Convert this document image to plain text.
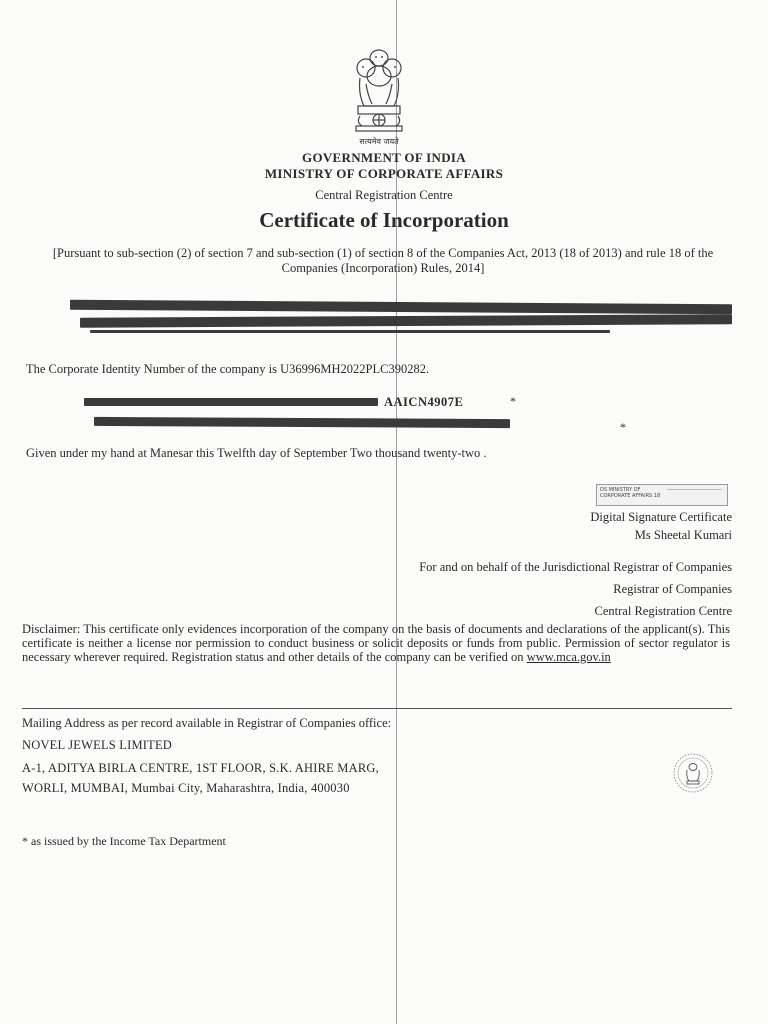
सत्यमेव जयते
GOVERNMENT OF INDIA
MINISTRY OF CORPORATE AFFAIRS
Central Registration Centre
Certificate of Incorporation
[Pursuant to sub-section (2) of section 7 and sub-section (1) of section 8 of the Companies Act, 2013 (18 of 2013) and rule 18 of the Companies (Incorporation) Rules, 2014]
The Corporate Identity Number of the company is U36996MH2022PLC390282.
AAICN4907E	*
*
Given under my hand at Manesar this Twelfth day of September Two thousand twenty-two .
DS MINISTRY OF CORPORATE AFFAIRS 18
Digital Signature Certificate
Ms Sheetal Kumari
For and on behalf of the Jurisdictional Registrar of Companies
Registrar of Companies
Central Registration Centre
Disclaimer: This certificate only evidences incorporation of the company on the basis of documents and declarations of the applicant(s). This certificate is neither a license nor permission to conduct business or solicit deposits or funds from public. Permission of sector regulator is necessary wherever required. Registration status and other details of the company can be verified on www.mca.gov.in
Mailing Address as per record available in Registrar of Companies office:
NOVEL JEWELS LIMITED
A-1, ADITYA BIRLA CENTRE, 1ST FLOOR, S.K. AHIRE MARG,
WORLI, MUMBAI, Mumbai City, Maharashtra, India, 400030
* as issued by the Income Tax Department
